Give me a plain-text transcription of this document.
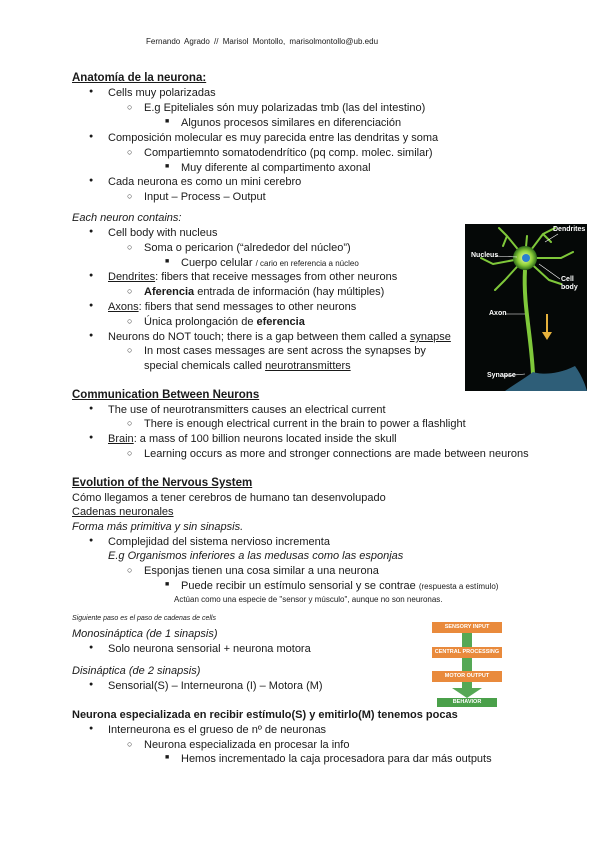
Fernando Agrado // Marisol Montollo, marisolmontollo@ub.edu
Anatomía de la neurona:
● Cells muy polarizadas
○ E.g Epiteliales són muy polarizadas tmb (las del intestino)
■ Algunos procesos similares en diferenciación
● Composición molecular es muy parecida entre las dendritas y soma
○ Compartiemnto somatodendrítico (pq comp. molec. similar)
■ Muy diferente al compartimento axonal
● Cada neurona es como un mini cerebro
○ Input – Process – Output
Each neuron contains:
● Cell body with nucleus
○ Soma o pericarion (“alrededor del núcleo”)
■ Cuerpo celular / cario en referencia a núcleo
● Dendrites: fibers that receive messages from other neurons
○ Aferencia entrada de información (hay múltiples)
● Axons: fibers that send messages to other neurons
○ Única prolongación de eferencia
● Neurons do NOT touch; there is a gap between them called a synapse
○ In most cases messages are sent across the synapses by
special chemicals called neurotransmitters
Dendrites
Nucleus
Cell
body
Axon
Synapse
Communication Between Neurons
● The use of neurotransmitters causes an electrical current
○ There is enough electrical current in the brain to power a flashlight
● Brain: a mass of 100 billion neurons located inside the skull
○ Learning occurs as more and stronger connections are made between neurons
Evolution of the Nervous System
Cómo llegamos a tener cerebros de humano tan desenvolupado
Cadenas neuronales
Forma más primitiva y sin sinapsis.
● Complejidad del sistema nervioso incrementa
E.g Organismos inferiores a las medusas como las esponjas
○ Esponjas tienen una cosa similar a una neurona
■ Puede recibir un estímulo sensorial y se contrae (respuesta a estímulo)
Actúan como una especie de "sensor y músculo", aunque no son neuronas.
Siguiente paso es el paso de cadenas de cells
Monosináptica (de 1 sinapsis)
● Solo neurona sensorial + neurona motora
Disináptica (de 2 sinapsis)
● Sensorial(S) – Interneurona (I) – Motora (M)
SENSORY INPUT
CENTRAL PROCESSING
MOTOR OUTPUT
BEHAVIOR
Neurona especializada en recibir estímulo(S) y emitirlo(M) tenemos pocas
● Interneurona es el grueso de nº de neuronas
○ Neurona especializada en procesar la info
■ Hemos incrementado la caja procesadora para dar más outputs
